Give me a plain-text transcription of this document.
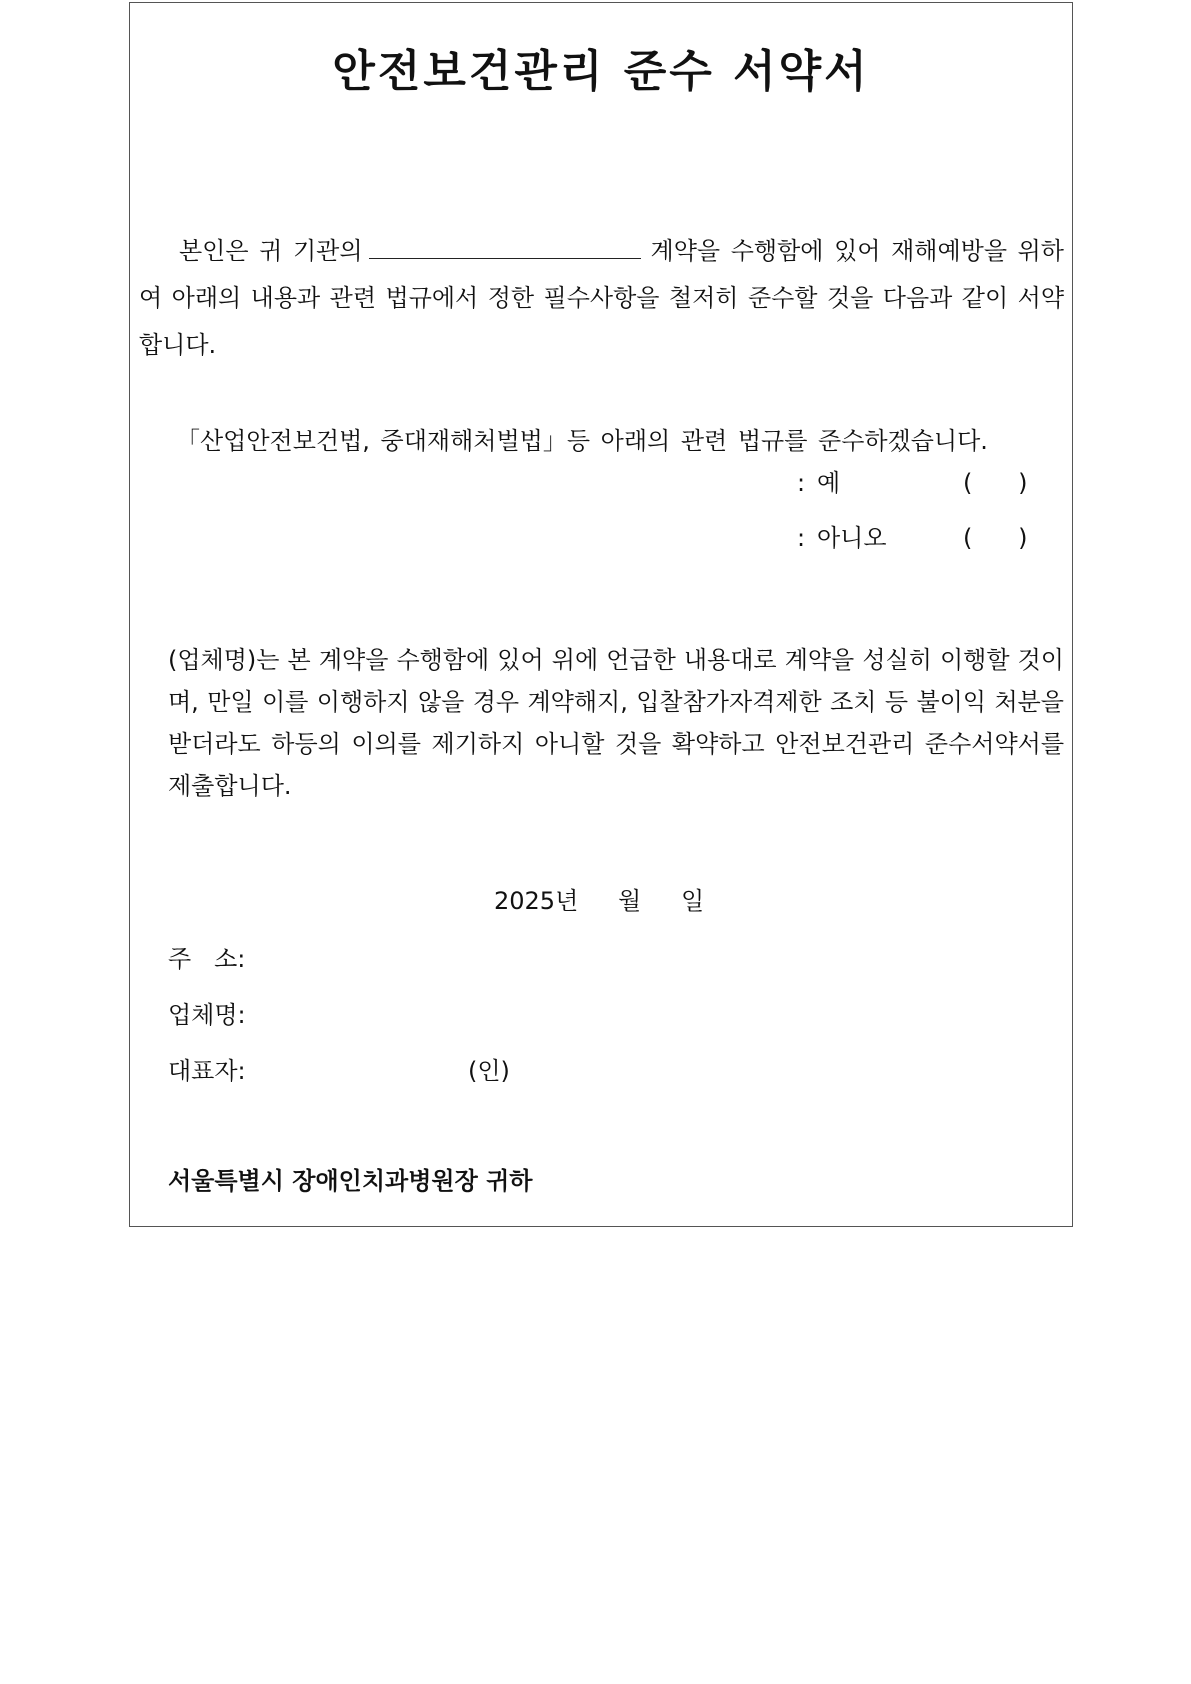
안전보건관리 준수 서약서

본인은 귀 기관의	계약을 수행함에 있어 재해예방을 위하여 아래의 내용과 관련 법규에서 정한 필수사항을 철저히 준수할 것을 다음과 같이 서약합니다.

「산업안전보건법, 중대재해처벌법」등 아래의 관련 법규를 준수하겠습니다.

: 예	(      )
: 아니오	(      )

(업체명)는 본 계약을 수행함에 있어 위에 언급한 내용대로 계약을 성실히 이행할 것이며, 만일 이를 이행하지 않을 경우 계약해지, 입찰참가자격제한 조치 등 불이익 처분을 받더라도 하등의 이의를 제기하지 아니할 것을 확약하고 안전보건관리 준수서약서를 제출합니다.

2025년 월 일
주   소:
업체명:
대표자:	(인)
서울특별시 장애인치과병원장 귀하
